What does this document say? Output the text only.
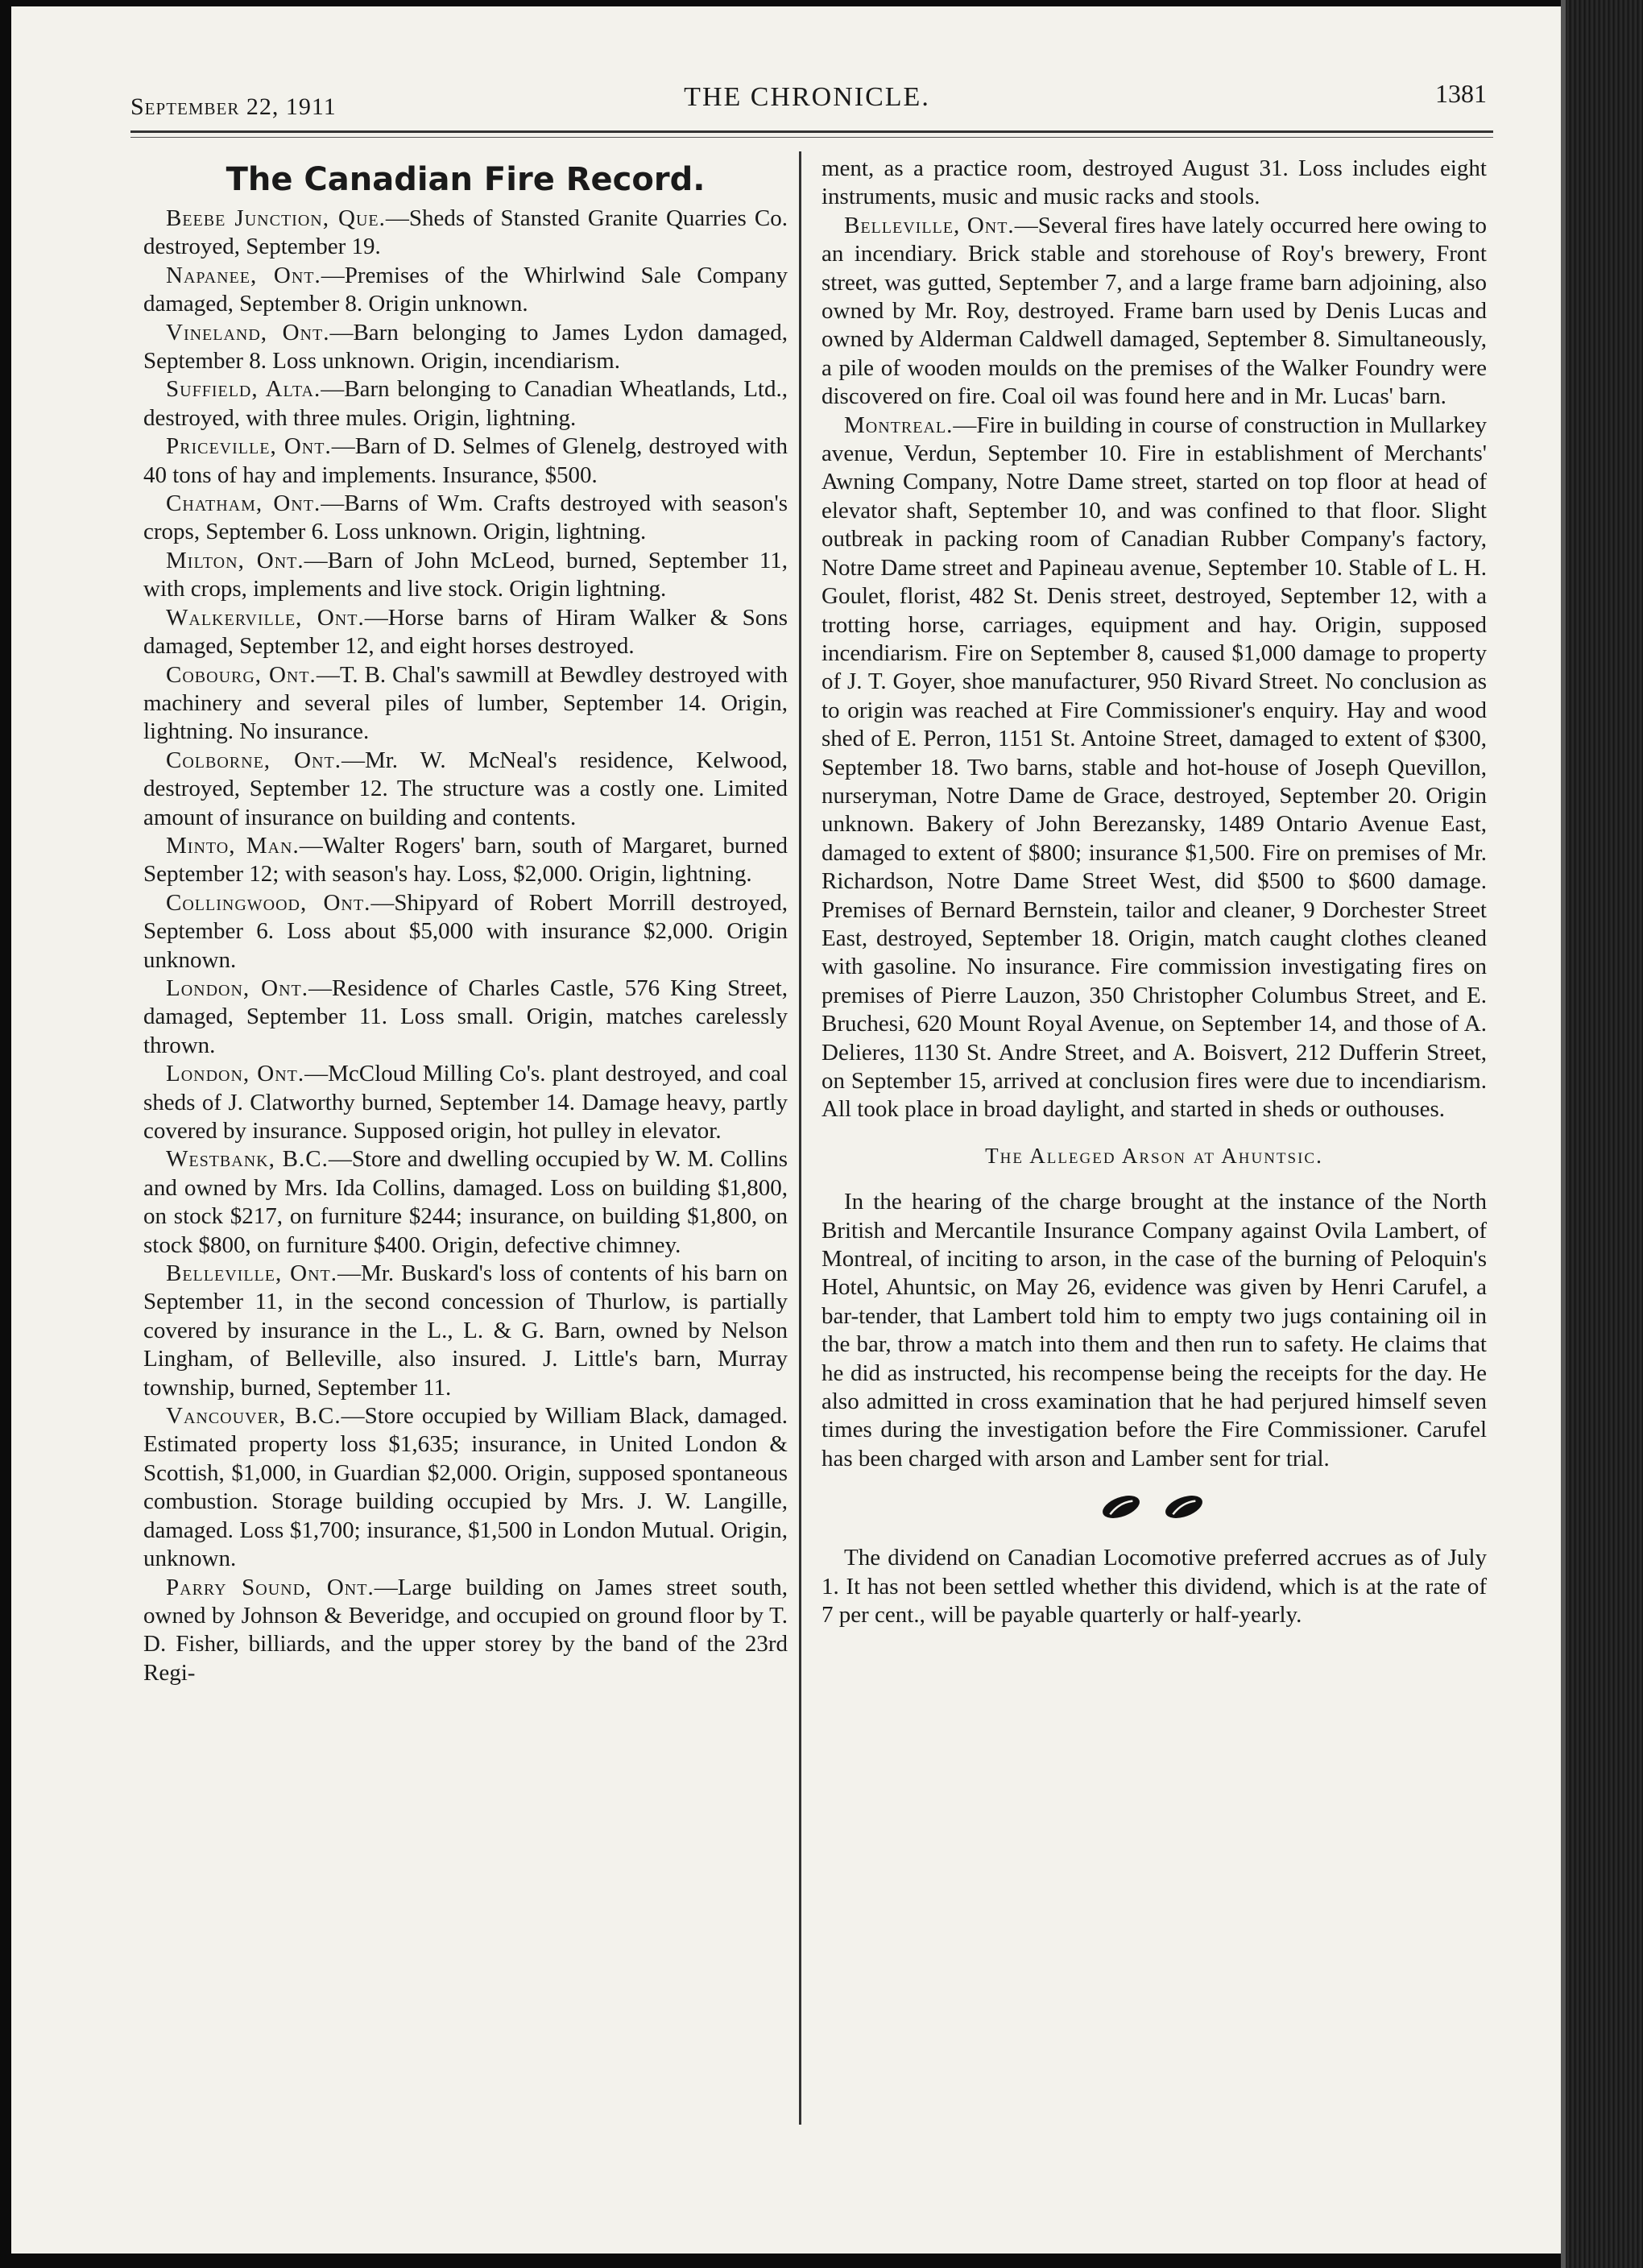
September 22, 1911	THE CHRONICLE.	1381
The Canadian Fire Record.

Beebe Junction, Que.—Sheds of Stansted Granite Quarries Co. destroyed, September 19.

Napanee, Ont.—Premises of the Whirlwind Sale Company damaged, September 8. Origin unknown.

Vineland, Ont.—Barn belonging to James Lydon damaged, September 8. Loss unknown. Origin, incendiarism.

Suffield, Alta.—Barn belonging to Canadian Wheatlands, Ltd., destroyed, with three mules. Origin, lightning.

Priceville, Ont.—Barn of D. Selmes of Glenelg, destroyed with 40 tons of hay and implements. Insurance, $500.

Chatham, Ont.—Barns of Wm. Crafts destroyed with season's crops, September 6. Loss unknown. Origin, lightning.

Milton, Ont.—Barn of John McLeod, burned, September 11, with crops, implements and live stock. Origin lightning.

Walkerville, Ont.—Horse barns of Hiram Walker & Sons damaged, September 12, and eight horses destroyed.

Cobourg, Ont.—T. B. Chal's sawmill at Bewdley destroyed with machinery and several piles of lumber, September 14. Origin, lightning. No insurance.

Colborne, Ont.—Mr. W. McNeal's residence, Kelwood, destroyed, September 12. The structure was a costly one. Limited amount of insurance on building and contents.

Minto, Man.—Walter Rogers' barn, south of Margaret, burned September 12; with season's hay. Loss, $2,000. Origin, lightning.

Collingwood, Ont.—Shipyard of Robert Morrill destroyed, September 6. Loss about $5,000 with insurance $2,000. Origin unknown.

London, Ont.—Residence of Charles Castle, 576 King Street, damaged, September 11. Loss small. Origin, matches carelessly thrown.

London, Ont.—McCloud Milling Co's. plant destroyed, and coal sheds of J. Clatworthy burned, September 14. Damage heavy, partly covered by insurance. Supposed origin, hot pulley in elevator.

Westbank, B.C.—Store and dwelling occupied by W. M. Collins and owned by Mrs. Ida Collins, damaged. Loss on building $1,800, on stock $217, on furniture $244; insurance, on building $1,800, on stock $800, on furniture $400. Origin, defective chimney.

Belleville, Ont.—Mr. Buskard's loss of contents of his barn on September 11, in the second concession of Thurlow, is partially covered by insurance in the L., L. & G. Barn, owned by Nelson Lingham, of Belleville, also insured. J. Little's barn, Murray township, burned, September 11.

Vancouver, B.C.—Store occupied by William Black, damaged. Estimated property loss $1,635; insurance, in United London & Scottish, $1,000, in Guardian $2,000. Origin, supposed spontaneous combustion. Storage building occupied by Mrs. J. W. Langille, damaged. Loss $1,700; insurance, $1,500 in London Mutual. Origin, unknown.

Parry Sound, Ont.—Large building on James street south, owned by Johnson & Beveridge, and occupied on ground floor by T. D. Fisher, billiards, and the upper storey by the band of the 23rd Regi-

ment, as a practice room, destroyed August 31. Loss includes eight instruments, music and music racks and stools.

Belleville, Ont.—Several fires have lately occurred here owing to an incendiary. Brick stable and storehouse of Roy's brewery, Front street, was gutted, September 7, and a large frame barn adjoining, also owned by Mr. Roy, destroyed. Frame barn used by Denis Lucas and owned by Alderman Caldwell damaged, September 8. Simultaneously, a pile of wooden moulds on the premises of the Walker Foundry were discovered on fire. Coal oil was found here and in Mr. Lucas' barn.

Montreal.—Fire in building in course of construction in Mullarkey avenue, Verdun, September 10. Fire in establishment of Merchants' Awning Company, Notre Dame street, started on top floor at head of elevator shaft, September 10, and was confined to that floor. Slight outbreak in packing room of Canadian Rubber Company's factory, Notre Dame street and Papineau avenue, September 10. Stable of L. H. Goulet, florist, 482 St. Denis street, destroyed, September 12, with a trotting horse, carriages, equipment and hay. Origin, supposed incendiarism. Fire on September 8, caused $1,000 damage to property of J. T. Goyer, shoe manufacturer, 950 Rivard Street. No conclusion as to origin was reached at Fire Commissioner's enquiry. Hay and wood shed of E. Perron, 1151 St. Antoine Street, damaged to extent of $300, September 18. Two barns, stable and hot-house of Joseph Quevillon, nurseryman, Notre Dame de Grace, destroyed, September 20. Origin unknown. Bakery of John Berezansky, 1489 Ontario Avenue East, damaged to extent of $800; insurance $1,500. Fire on premises of Mr. Richardson, Notre Dame Street West, did $500 to $600 damage. Premises of Bernard Bernstein, tailor and cleaner, 9 Dorchester Street East, destroyed, September 18. Origin, match caught clothes cleaned with gasoline. No insurance. Fire commission investigating fires on premises of Pierre Lauzon, 350 Christopher Columbus Street, and E. Bruchesi, 620 Mount Royal Avenue, on September 14, and those of A. Delieres, 1130 St. Andre Street, and A. Boisvert, 212 Dufferin Street, on September 15, arrived at conclusion fires were due to incendiarism. All took place in broad daylight, and started in sheds or outhouses.

The Alleged Arson at Ahuntsic.

In the hearing of the charge brought at the instance of the North British and Mercantile Insurance Company against Ovila Lambert, of Montreal, of inciting to arson, in the case of the burning of Peloquin's Hotel, Ahuntsic, on May 26, evidence was given by Henri Carufel, a bar-tender, that Lambert told him to empty two jugs containing oil in the bar, throw a match into them and then run to safety. He claims that he did as instructed, his recompense being the receipts for the day. He also admitted in cross examination that he had perjured himself seven times during the investigation before the Fire Commissioner. Carufel has been charged with arson and Lamber sent for trial.

The dividend on Canadian Locomotive preferred accrues as of July 1. It has not been settled whether this dividend, which is at the rate of 7 per cent., will be payable quarterly or half-yearly.
